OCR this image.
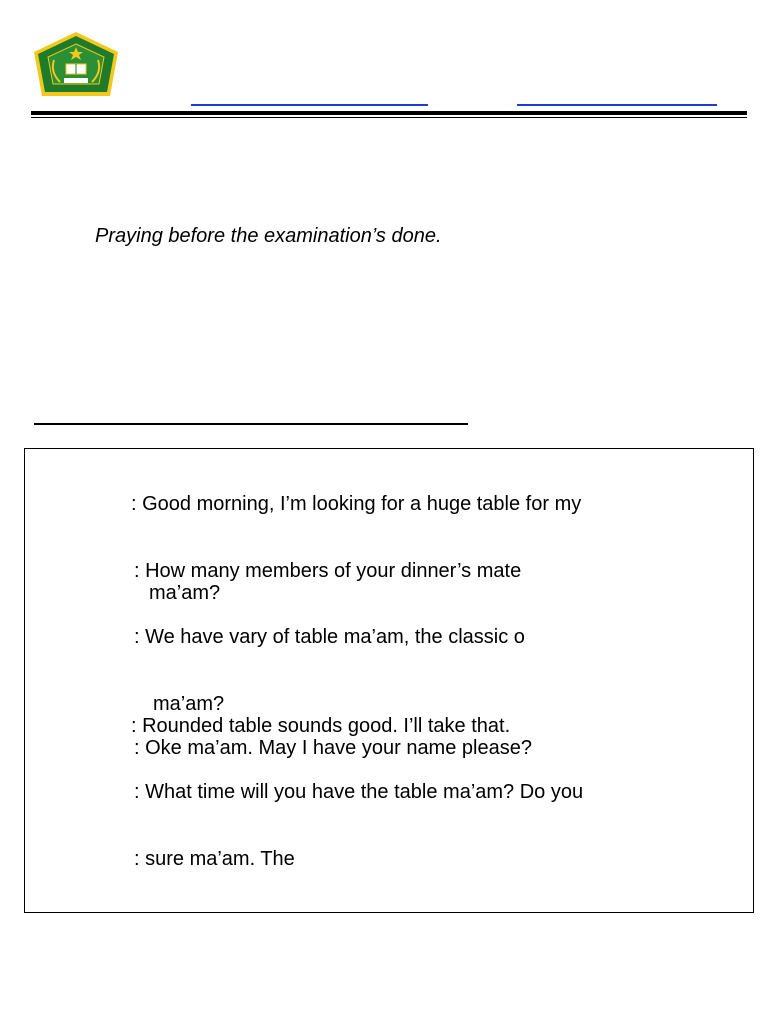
Praying before the examination’s done.
: Good morning, I’m looking for a huge table for my
: How many members of your dinner’s mate
ma’am?
: We have vary of table ma’am, the classic o
ma’am?
: Rounded table sounds good. I’ll take that.
: Oke ma’am. May I have your name please?
: What time will you have the table ma’am? Do you
: sure ma’am. The
